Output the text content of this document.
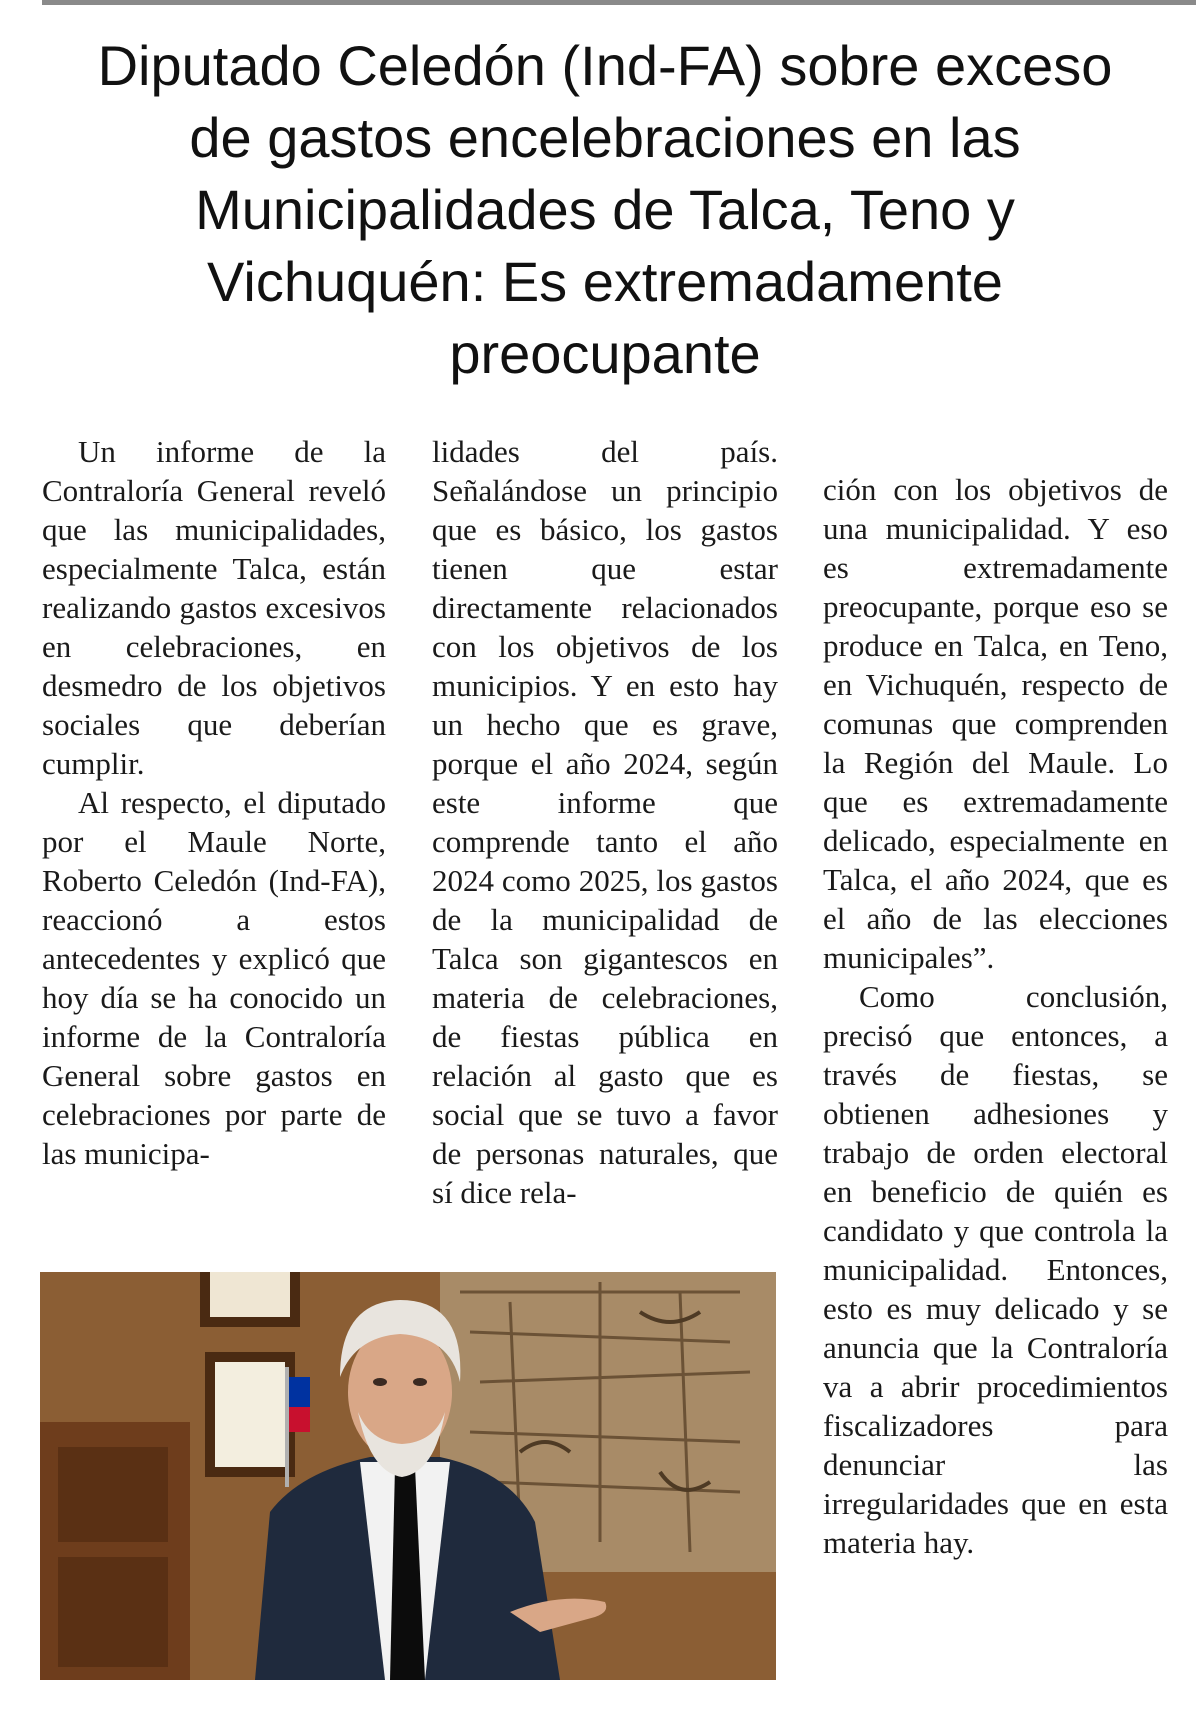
Diputado Celedón (Ind-FA) sobre exceso
de gastos encelebraciones en las
Municipalidades de Talca, Teno y
Vichuquén: Es extremadamente
preocupante

Un informe de la Contraloría General reveló que las municipalidades, especialmente Talca, están realizando gastos excesivos en celebraciones, en desmedro de los objetivos sociales que deberían cumplir.

Al respecto, el diputado por el Maule Norte, Roberto Celedón (Ind-FA), reaccionó a estos antecedentes y explicó que hoy día se ha conocido un informe de la Contraloría General sobre gastos en celebraciones por parte de las municipa-

lidades del país. Señalándose un principio que es básico, los gastos tienen que estar directamente relacionados con los objetivos de los municipios. Y en esto hay un hecho que es grave, porque el año 2024, según este informe que comprende tanto el año 2024 como 2025, los gastos de la municipalidad de Talca son gigantescos en materia de celebraciones, de fiestas pública en relación al gasto que es social que se tuvo a favor de personas naturales, que sí dice rela-

ción con los objetivos de una municipalidad. Y eso es extremadamente preocupante, porque eso se produce en Talca, en Teno, en Vichuquén, respecto de comunas que comprenden la Región del Maule. Lo que es extremadamente delicado, especialmente en Talca, el año 2024, que es el año de las elecciones municipales”.

Como conclusión, precisó que entonces, a través de fiestas, se obtienen adhesiones y trabajo de orden electoral en beneficio de quién es candidato y que controla la municipalidad. Entonces, esto es muy delicado y se anuncia que la Contraloría va a abrir procedimientos fiscalizadores para denunciar las irregularidades que en esta materia hay.
